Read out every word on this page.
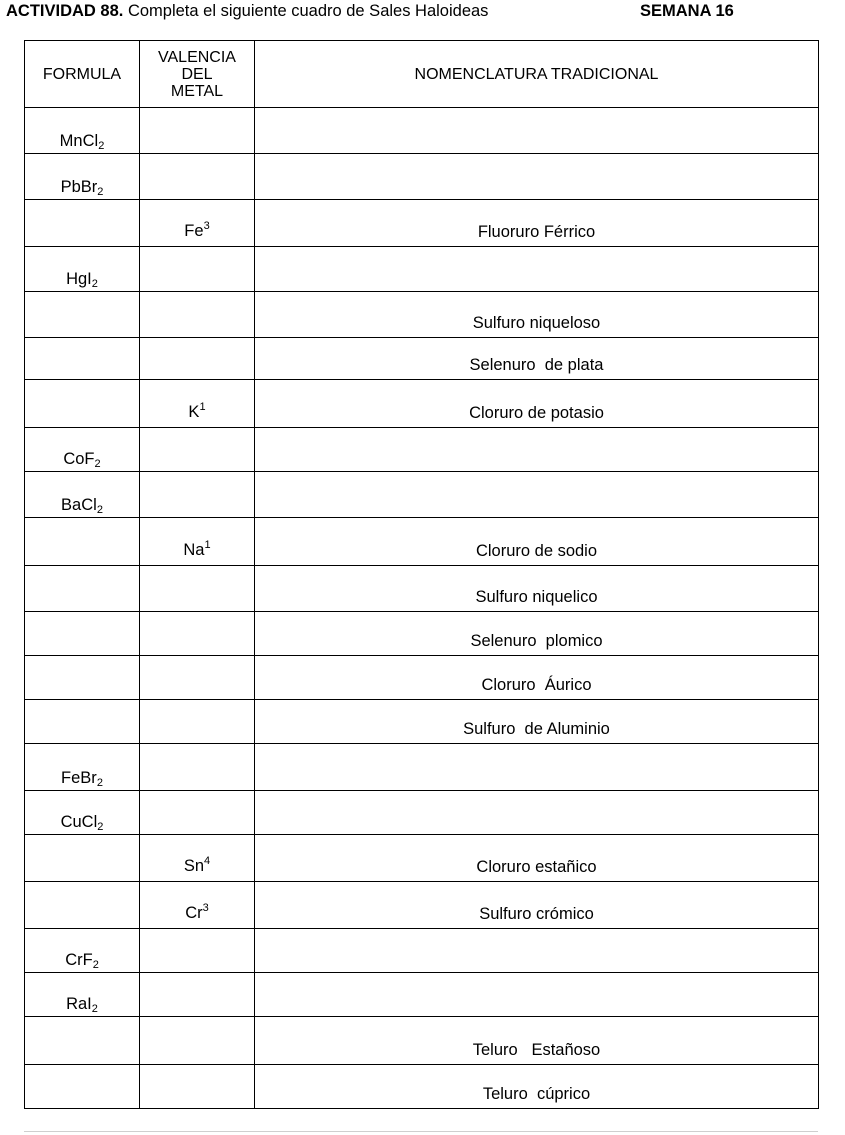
ACTIVIDAD 88. Completa el siguiente cuadro de Sales Haloideas	SEMANA 16
FORMULA	VALENCIA DEL METAL	NOMENCLATURA TRADICIONAL
MnCl$_2$		
PbBr$_2$		
	Fe$^3$	Fluoruro Férrico
HgI$_2$		
		Sulfuro niqueloso
		Selenuro  de plata
	$K^1$	Cloruro de potasio
CoF$_2$		
BaCl$_2$		
	Na$^1$	Cloruro de sodio
		Sulfuro niquelico
		Selenuro  plomico
		Cloruro  Áurico
		Sulfuro  de Aluminio
FeBr$_2$		
CuCl$_2$		
	Sn$^4$	Cloruro estañico
	Cr$^3$	Sulfuro crómico
CrF$_2$		
RaI$_2$		
		Teluro   Estañoso
		Teluro  cúprico
